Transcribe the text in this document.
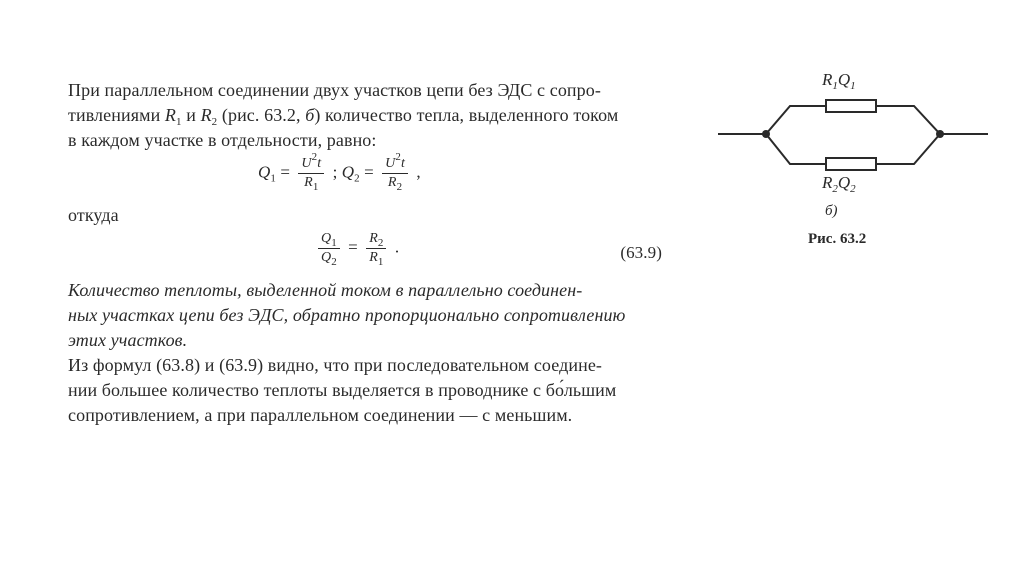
При параллельном соединении двух участков цепи без ЭДС с сопро-
тивлениями $R_1$ и $R_2$ (рис. 63.2, б) количество тепла, выделенного током
в каждом участке в отдельности, равно:
$Q_1 = \frac{U^2t}{R_1}$ ; $Q_2 = \frac{U^2t}{R_2}$ ,
откуда
$\frac{Q_1}{Q_2} = \frac{R_2}{R_1}$ .	(63.9)
Количество теплоты, выделенной током в параллельно соединен-
ных участках цепи без ЭДС, обратно пропорционально сопротивлению
этих участков.
Из формул (63.8) и (63.9) видно, что при последовательном соедине-
нии большее количество теплоты выделяется в проводнике с бо́льшим
сопротивлением, а при параллельном соединении — с меньшим.
$R_1Q_1$
$R_2Q_2$
б)
Рис. 63.2
